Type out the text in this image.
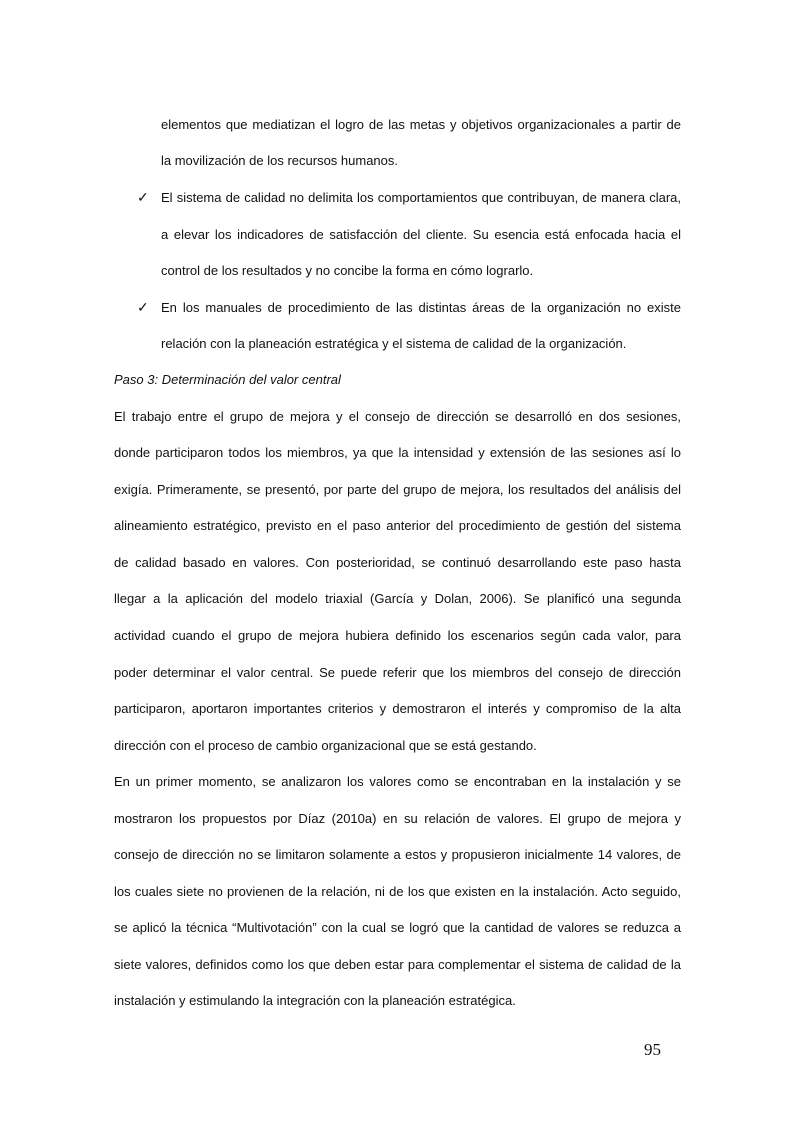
elementos que mediatizan el logro de las metas y objetivos organizacionales a partir de
la movilización de los recursos humanos.
✓ El sistema de calidad no delimita los comportamientos que contribuyan, de manera clara,
a elevar los indicadores de satisfacción del cliente. Su esencia está enfocada hacia el
control de los resultados y no concibe la forma en cómo lograrlo.
✓ En los manuales de procedimiento de las distintas áreas de la organización no existe
relación con la planeación estratégica y el sistema de calidad de la organización.
Paso 3: Determinación del valor central
El trabajo entre el grupo de mejora y el consejo de dirección se desarrolló en dos sesiones,
donde participaron todos los miembros, ya que la intensidad y extensión de las sesiones así lo
exigía. Primeramente, se presentó, por parte del grupo de mejora, los resultados del análisis del
alineamiento estratégico, previsto en el paso anterior del procedimiento de gestión del sistema
de calidad basado en valores. Con posterioridad, se continuó desarrollando este paso hasta
llegar a la aplicación del modelo triaxial (García y Dolan, 2006). Se planificó una segunda
actividad cuando el grupo de mejora hubiera definido los escenarios según cada valor, para
poder determinar el valor central. Se puede referir que los miembros del consejo de dirección
participaron, aportaron importantes criterios y demostraron el interés y compromiso de la alta
dirección con el proceso de cambio organizacional que se está gestando.
En un primer momento, se analizaron los valores como se encontraban en la instalación y se
mostraron los propuestos por Díaz (2010a) en su relación de valores. El grupo de mejora y
consejo de dirección no se limitaron solamente a estos y propusieron inicialmente 14 valores, de
los cuales siete no provienen de la relación, ni de los que existen en la instalación. Acto seguido,
se aplicó la técnica “Multivotación” con la cual se logró que la cantidad de valores se reduzca a
siete valores, definidos como los que deben estar para complementar el sistema de calidad de la
instalación y estimulando la integración con la planeación estratégica.
95
